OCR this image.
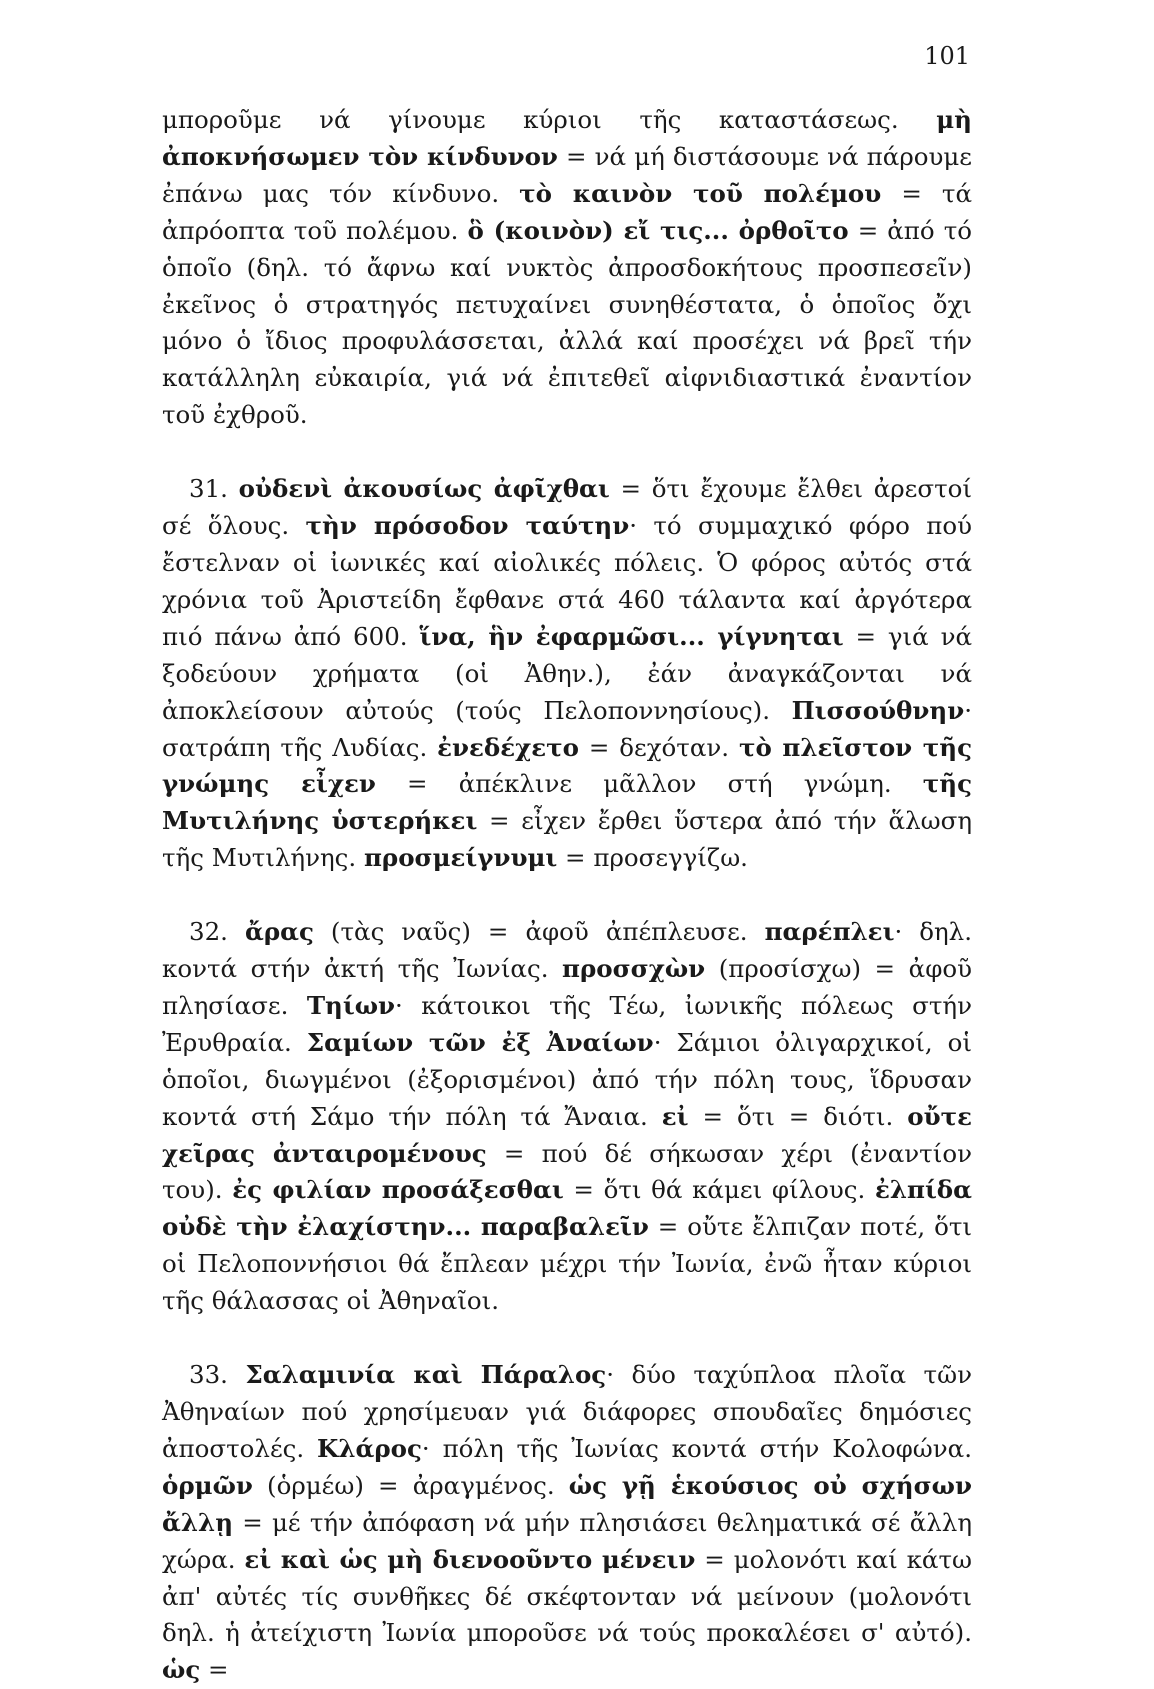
101

μποροῦμε νά γίνουμε κύριοι τῆς καταστάσεως. μὴ ἀποκνήσωμεν τὸν κίνδυνον = νά μή διστάσουμε νά πάρουμε ἐπάνω μας τόν κίνδυνο. τὸ καινὸν τοῦ πολέμου = τά ἀπρόοπτα τοῦ πολέμου. ὃ (κοινὸν) εἴ τις... ὀρθοῖτο = ἀπό τό ὁποῖο (δηλ. τό ἄφνω καί νυκτὸς ἀπροσδοκήτους προσπεσεῖν) ἐκεῖνος ὁ στρατηγός πετυχαίνει συνηθέστατα, ὁ ὁποῖος ὄχι μόνο ὁ ἴδιος προφυλάσσεται, ἀλλά καί προσέχει νά βρεῖ τήν κατάλληλη εὐκαιρία, γιά νά ἐπιτεθεῖ αἰφνιδιαστικά ἐναντίον τοῦ ἐχθροῦ.

31. οὐδενὶ ἀκουσίως ἀφῖχθαι = ὅτι ἔχουμε ἔλθει ἀρεστοί σέ ὅλους. τὴν πρόσοδον ταύτην· τό συμμαχικό φόρο πού ἔστελναν οἱ ἰωνικές καί αἰολικές πόλεις. Ὁ φόρος αὐτός στά χρόνια τοῦ Ἀριστείδη ἔφθανε στά 460 τάλαντα καί ἀργότερα πιό πάνω ἀπό 600. ἵνα, ἣν ἐφαρμῶσι... γίγνηται = γιά νά ξοδεύουν χρήματα (οἱ Ἀθην.), ἐάν ἀναγκάζονται νά ἀποκλείσουν αὐτούς (τούς Πελοποννησίους). Πισσούθνην· σατράπη τῆς Λυδίας. ἐνεδέχετο = δεχόταν. τὸ πλεῖστον τῆς γνώμης εἶχεν = ἀπέκλινε μᾶλλον στή γνώμη. τῆς Μυτιλήνης ὑστερήκει = εἶχεν ἔρθει ὕστερα ἀπό τήν ἅλωση τῆς Μυτιλήνης. προσμείγνυμι = προσεγγίζω.

32. ἄρας (τὰς ναῦς) = ἀφοῦ ἀπέπλευσε. παρέπλει· δηλ. κοντά στήν ἀκτή τῆς Ἰωνίας. προσσχὼν (προσίσχω) = ἀφοῦ πλησίασε. Τηίων· κάτοικοι τῆς Τέω, ἰωνικῆς πόλεως στήν Ἐρυθραία. Σαμίων τῶν ἐξ Ἀναίων· Σάμιοι ὀλιγαρχικοί, οἱ ὁποῖοι, διωγμένοι (ἐξορισμένοι) ἀπό τήν πόλη τους, ἵδρυσαν κοντά στή Σάμο τήν πόλη τά Ἄναια. εἰ = ὅτι = διότι. οὔτε χεῖρας ἀνταιρομένους = πού δέ σήκωσαν χέρι (ἐναντίον του). ἐς φιλίαν προσάξεσθαι = ὅτι θά κάμει φίλους. ἐλπίδα οὐδὲ τὴν ἐλαχίστην... παραβαλεῖν = οὔτε ἔλπιζαν ποτέ, ὅτι οἱ Πελοποννήσιοι θά ἔπλεαν μέχρι τήν Ἰωνία, ἐνῶ ἦταν κύριοι τῆς θάλασσας οἱ Ἀθηναῖοι.

33. Σαλαμινία καὶ Πάραλος· δύο ταχύπλοα πλοῖα τῶν Ἀθηναίων πού χρησίμευαν γιά διάφορες σπουδαῖες δημόσιες ἀποστολές. Κλάρος· πόλη τῆς Ἰωνίας κοντά στήν Κολοφώνα. ὁρμῶν (ὁρμέω) = ἀραγμένος. ὡς γῇ ἑκούσιος οὐ σχήσων ἄλλῃ = μέ τήν ἀπόφαση νά μήν πλησιάσει θεληματικά σέ ἄλλη χώρα. εἰ καὶ ὡς μὴ διενοοῦντο μένειν = μολονότι καί κάτω ἀπ' αὐτές τίς συνθῆκες δέ σκέφτονταν νά μείνουν (μολονότι δηλ. ἡ ἀτείχιστη Ἰωνία μποροῦσε νά τούς προκαλέσει σ' αὐτό). ὡς =
